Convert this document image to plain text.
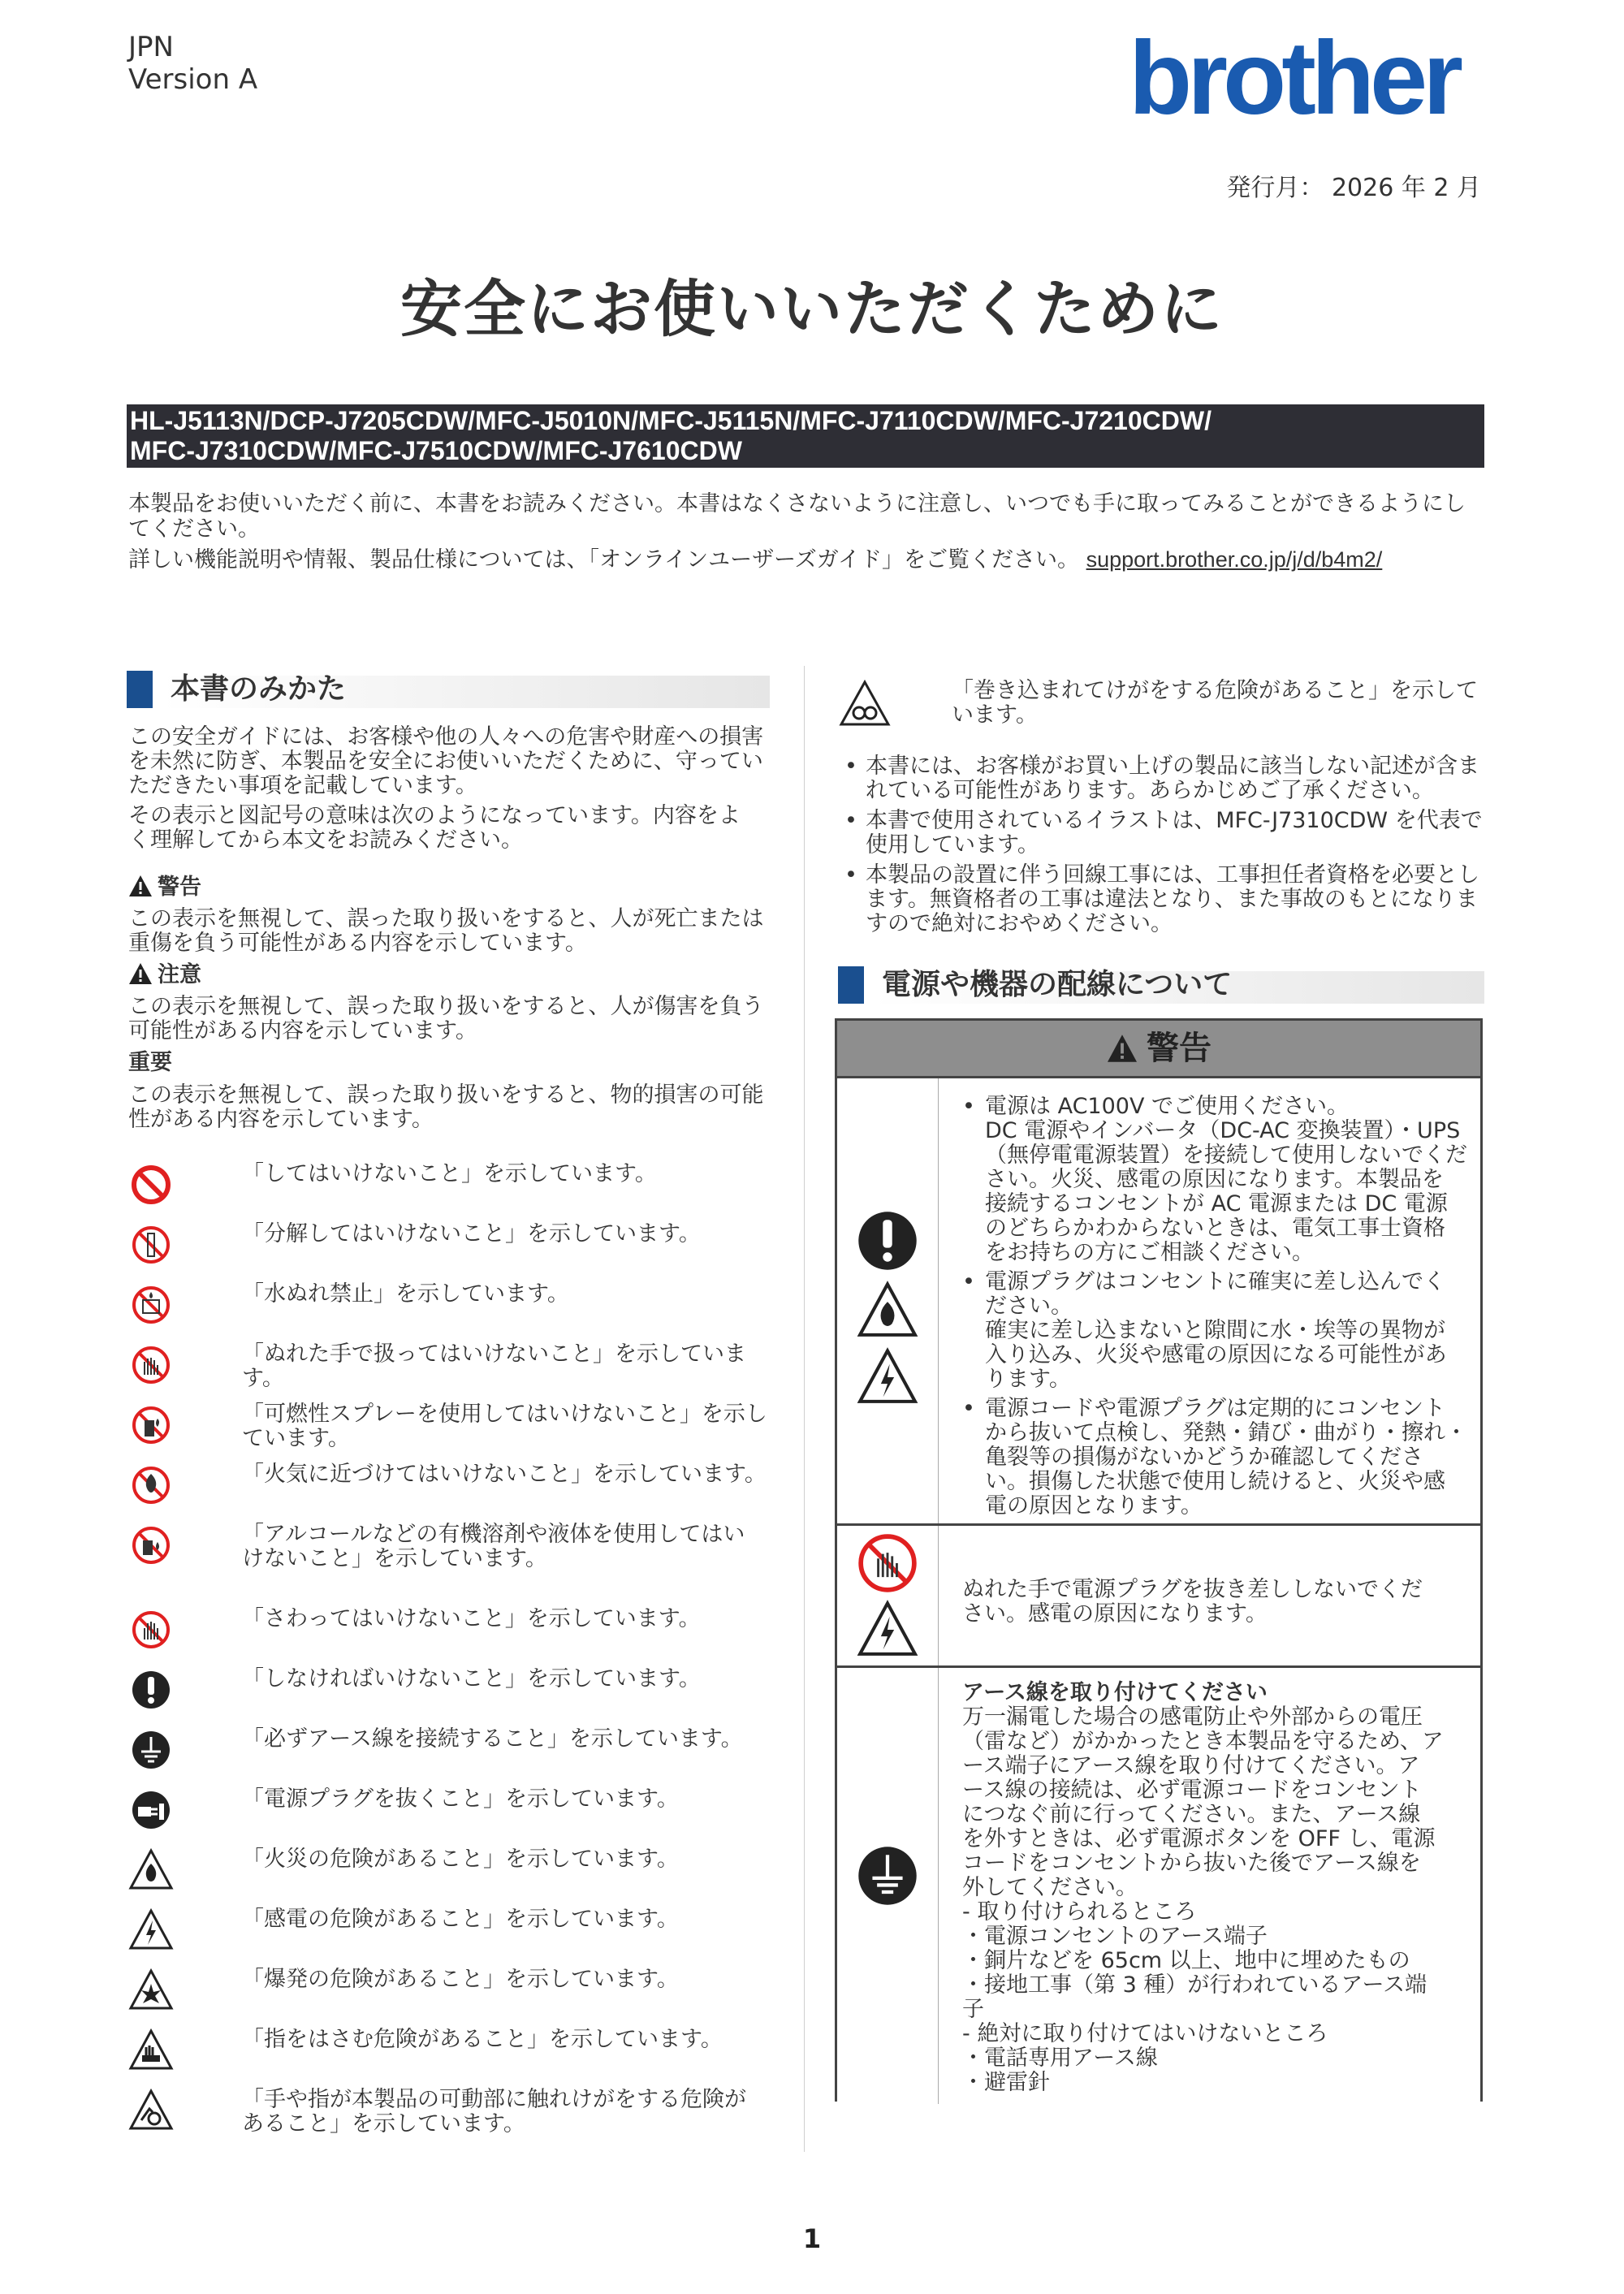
JPN
Version A	brother
発行月： 2026 年 2 月
安全にお使いいただくために
HL-J5113N/DCP-J7205CDW/MFC-J5010N/MFC-J5115N/MFC-J7110CDW/MFC-J7210CDW/
MFC-J7310CDW/MFC-J7510CDW/MFC-J7610CDW
本製品をお使いいただく前に、本書をお読みください。本書はなくさないように注意し、いつでも手に取ってみることができるようにし
てください。
詳しい機能説明や情報、製品仕様については、「オンラインユーザーズガイド」をご覧ください。 support.brother.co.jp/j/d/b4m2/
本書のみかた
この安全ガイドには、お客様や他の人々への危害や財産への損害
を未然に防ぎ、本製品を安全にお使いいただくために、守ってい
ただきたい事項を記載しています。
その表示と図記号の意味は次のようになっています。内容をよ
く理解してから本文をお読みください。
警告
この表示を無視して、誤った取り扱いをすると、人が死亡または
重傷を負う可能性がある内容を示しています。
注意
この表示を無視して、誤った取り扱いをすると、人が傷害を負う
可能性がある内容を示しています。
重要
この表示を無視して、誤った取り扱いをすると、物的損害の可能
性がある内容を示しています。
「してはいけないこと」を示しています。
「分解してはいけないこと」を示しています。
「水ぬれ禁止」を示しています。
「ぬれた手で扱ってはいけないこと」を示していま
す。
「可燃性スプレーを使用してはいけないこと」を示し
ています。
「火気に近づけてはいけないこと」を示しています。
「アルコールなどの有機溶剤や液体を使用してはい
けないこと」を示しています。
「さわってはいけないこと」を示しています。
「しなければいけないこと」を示しています。
「必ずアース線を接続すること」を示しています。
「電源プラグを抜くこと」を示しています。
「火災の危険があること」を示しています。
「感電の危険があること」を示しています。
「爆発の危険があること」を示しています。
「指をはさむ危険があること」を示しています。
「手や指が本製品の可動部に触れけがをする危険が
あること」を示しています。
「巻き込まれてけがをする危険があること」を示して
います。
• 本書には、お客様がお買い上げの製品に該当しない記述が含ま
れている可能性があります。あらかじめご了承ください。
• 本書で使用されているイラストは、MFC-J7310CDW を代表で
使用しています。
• 本製品の設置に伴う回線工事には、工事担任者資格を必要とし
ます。無資格者の工事は違法となり、また事故のもとになりま
すので絶対におやめください。
電源や機器の配線について
警告
• 電源は AC100V でご使用ください。
DC 電源やインバータ（DC-AC 変換装置）・UPS
（無停電電源装置）を接続して使用しないでくだ
さい。火災、感電の原因になります。本製品を
接続するコンセントが AC 電源または DC 電源
のどちらかわからないときは、電気工事士資格
をお持ちの方にご相談ください。
• 電源プラグはコンセントに確実に差し込んでく
ださい。
確実に差し込まないと隙間に水・埃等の異物が
入り込み、火災や感電の原因になる可能性があ
ります。
• 電源コードや電源プラグは定期的にコンセント
から抜いて点検し、発熱・錆び・曲がり・擦れ・
亀裂等の損傷がないかどうか確認してくださ
い。損傷した状態で使用し続けると、火災や感
電の原因となります。
ぬれた手で電源プラグを抜き差ししないでくだ
さい。感電の原因になります。
アース線を取り付けてください
万一漏電した場合の感電防止や外部からの電圧
（雷など）がかかったとき本製品を守るため、ア
ース端子にアース線を取り付けてください。ア
ース線の接続は、必ず電源コードをコンセント
につなぐ前に行ってください。また、アース線
を外すときは、必ず電源ボタンを OFF し、電源
コードをコンセントから抜いた後でアース線を
外してください。
- 取り付けられるところ
・電源コンセントのアース端子
・銅片などを 65cm 以上、地中に埋めたもの
・接地工事（第 3 種）が行われているアース端
子
- 絶対に取り付けてはいけないところ
・電話専用アース線
・避雷針
1
